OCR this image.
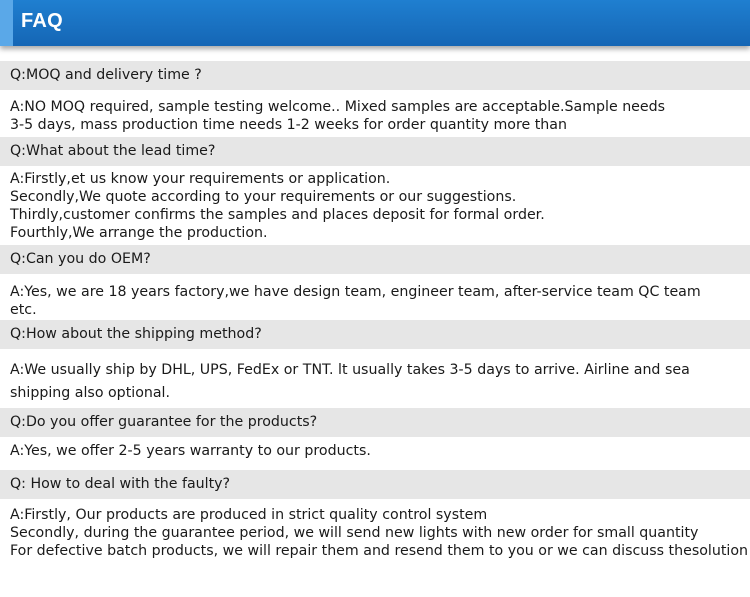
FAQ
Q:MOQ and delivery time ?
A:NO MOQ required, sample testing welcome.. Mixed samples are acceptable.Sample needs
3-5 days, mass production time needs 1-2 weeks for order quantity more than
Q:What about the lead time?
A:Firstly,et us know your requirements or application.
Secondly,We quote according to your requirements or our suggestions.
Thirdly,customer confirms the samples and places deposit for formal order.
Fourthly,We arrange the production.
Q:Can you do OEM?
A:Yes, we are 18 years factory,we have design team, engineer team, after-service team QC team
etc.
Q:How about the shipping method?
A:We usually ship by DHL, UPS, FedEx or TNT. lt usually takes 3-5 days to arrive. Airline and sea
shipping also optional.
Q:Do you offer guarantee for the products?
A:Yes, we offer 2-5 years warranty to our products.
Q: How to deal with the faulty?
A:Firstly, Our products are produced in strict quality control system
Secondly, during the guarantee period, we will send new lights with new order for small quantity
For defective batch products, we will repair them and resend them to you or we can discuss thesolution
